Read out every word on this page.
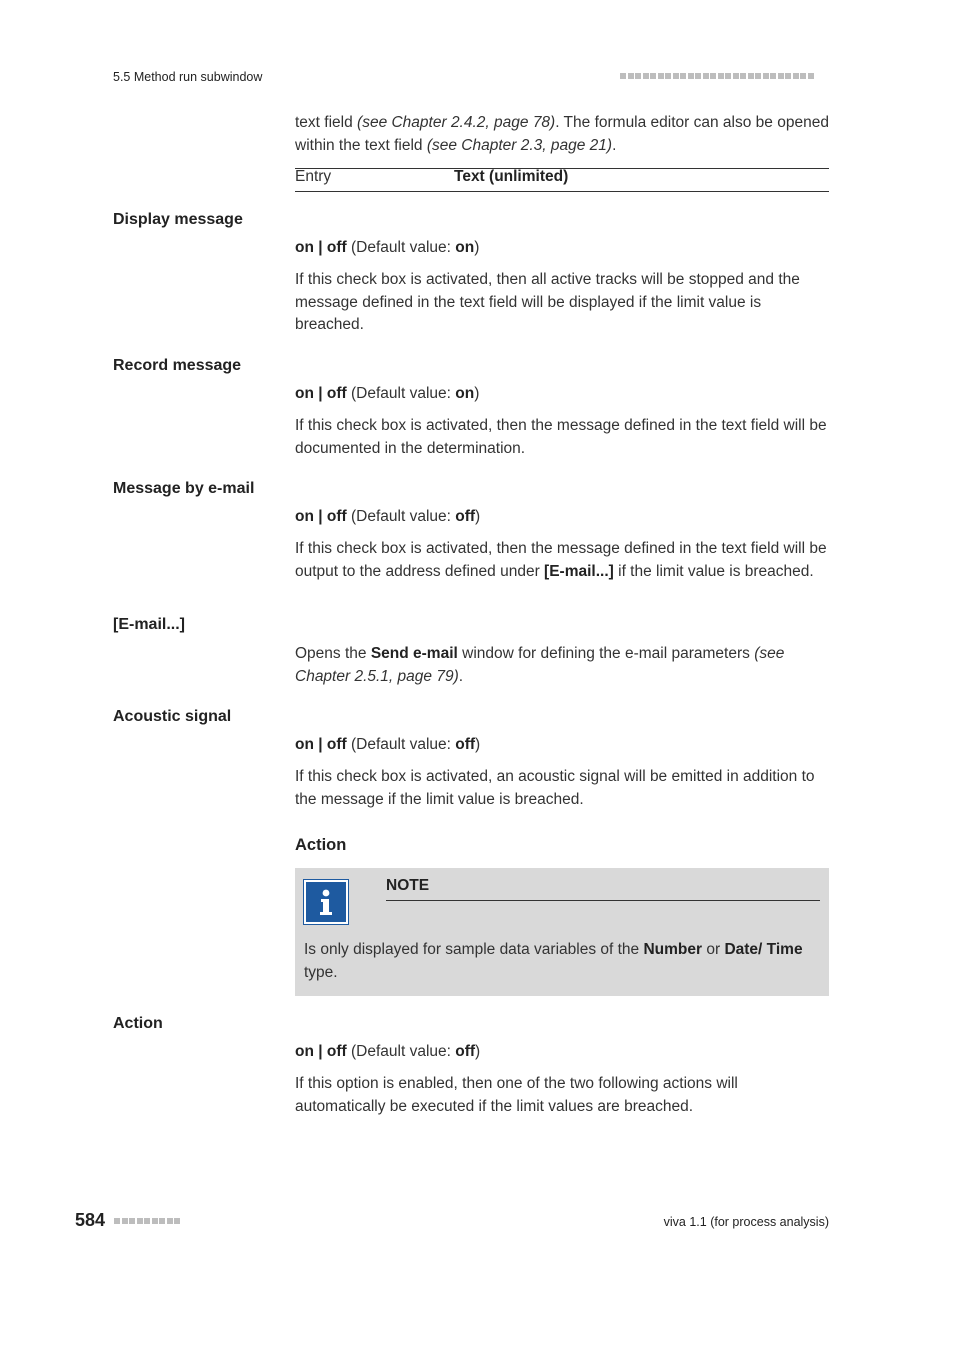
5.5 Method run subwindow
text field (see Chapter 2.4.2, page 78). The formula editor can also be opened within the text field (see Chapter 2.3, page 21).
Entry	Text (unlimited)
Display message
on | off (Default value: on)
If this check box is activated, then all active tracks will be stopped and the message defined in the text field will be displayed if the limit value is breached.
Record message
on | off (Default value: on)
If this check box is activated, then the message defined in the text field will be documented in the determination.
Message by e-mail
on | off (Default value: off)
If this check box is activated, then the message defined in the text field will be output to the address defined under [E-mail...] if the limit value is breached.
[E-mail...]
Opens the Send e-mail window for defining the e-mail parameters (see Chapter 2.5.1, page 79).
Acoustic signal
on | off (Default value: off)
If this check box is activated, an acoustic signal will be emitted in addition to the message if the limit value is breached.
Action
NOTE
Is only displayed for sample data variables of the Number or Date/ Time type.
Action
on | off (Default value: off)
If this option is enabled, then one of the two following actions will automatically be executed if the limit values are breached.
584	viva 1.1 (for process analysis)
